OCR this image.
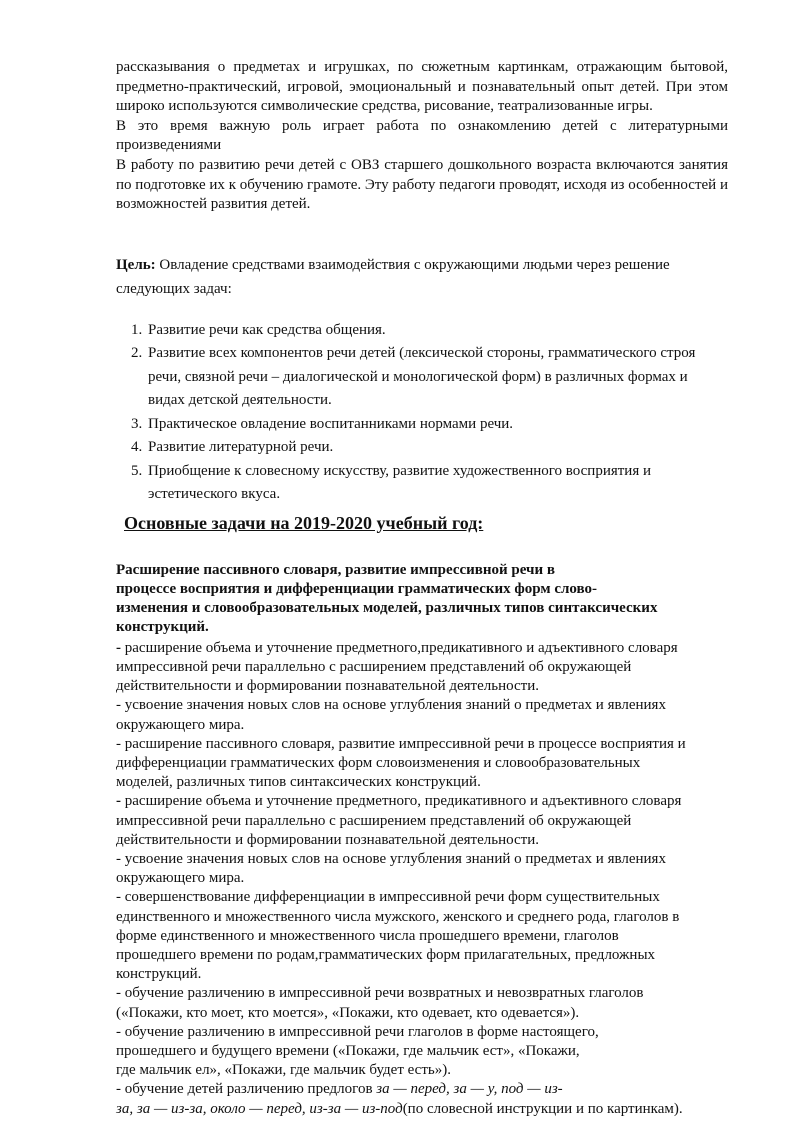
рассказывания о предметах и игрушках, по сюжетным картинкам, отражающим бытовой, предметно-практический, игровой, эмоциональный и познавательный опыт детей. При этом широко используются символические средства, рисование, театрализованные игры.

В это время важную роль играет работа по ознакомлению детей с литературными произведениями

В работу по развитию речи детей с ОВЗ старшего дошкольного возраста включаются занятия по подготовке их к обучению грамоте. Эту работу педагоги проводят, исходя из особенностей и возможностей развития детей.

Цель: Овладение средствами взаимодействия с окружающими людьми через решение следующих задач:

1. Развитие речи как средства общения.
2. Развитие всех компонентов речи детей (лексической стороны, грамматического строя речи, связной речи – диалогической и монологической форм) в различных формах и видах детской деятельности.
3. Практическое овладение воспитанниками нормами речи.
4. Развитие литературной речи.
5. Приобщение к словесному искусству, развитие художественного восприятия и эстетического вкуса.

Основные задачи на 2019-2020 учебный год:

Расширение пассивного словаря, развитие импрессивной речи в

процессе восприятия и дифференциации грамматических форм слово-

изменения и словообразовательных моделей, различных типов синтаксических

конструкций.

- расширение объема и уточнение предметного,предикативного и адъективного словаря

импрессивной речи параллельно с расширением представлений об окружающей

действительности и формировании познавательной деятельности.

- усвоение значения новых слов на основе углубления знаний о предметах и явлениях

окружающего мира.

- расширение пассивного словаря, развитие импрессивной речи в процессе восприятия и

дифференциации грамматических форм словоизменения и словообразовательных

моделей, различных типов синтаксических конструкций.

- расширение объема и уточнение предметного, предикативного и адъективного словаря

импрессивной речи параллельно с расширением представлений об окружающей

действительности и формировании познавательной деятельности.

- усвоение значения новых слов на основе углубления знаний о предметах и явлениях

окружающего мира.

- совершенствование дифференциации в импрессивной речи форм существительных

единственного и множественного числа мужского, женского и среднего рода, глаголов в

форме единственного и множественного числа прошедшего времени, глаголов

прошедшего времени по родам,грамматических форм прилагательных, предложных

конструкций.

- обучение различению в импрессивной речи возвратных и невозвратных глаголов

(«Покажи, кто моет, кто моется», «Покажи, кто одевает, кто одевается»).

- обучение различению в импрессивной речи глаголов в форме настоящего,

прошедшего и будущего времени («Покажи, где мальчик ест», «Покажи,

где мальчик ел», «Покажи, где мальчик будет есть»).

- обучение детей различению предлогов за — перед, за — у, под — из-

за, за — из-за, около — перед, из-за — из-под(по словесной инструкции и по картинкам).
